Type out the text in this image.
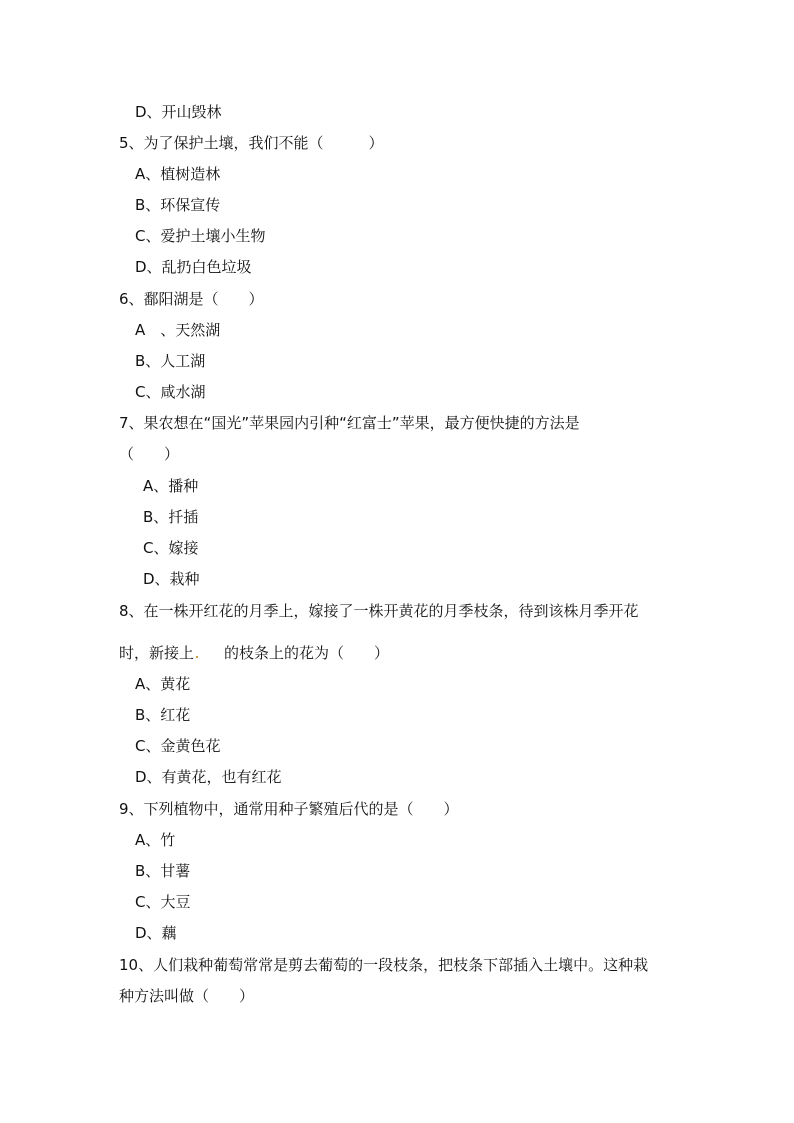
D、开山毁林
5、为了保护土壤，我们不能（　　　）
A、植树造林
B、环保宣传
C、爱护土壤小生物
D、乱扔白色垃圾
6、鄱阳湖是（　　）
A　、天然湖
B、人工湖
C、咸水湖
7、果农想在“国光”苹果园内引种“红富士”苹果，最方便快捷的方法是
（　　）
A、播种
B、扦插
C、嫁接
D、栽种
8、在一株开红花的月季上，嫁接了一株开黄花的月季枝条，待到该株月季开花
时，新接上 的枝条上的花为（　　）
A、黄花
B、红花
C、金黄色花
D、有黄花，也有红花
9、下列植物中，通常用种子繁殖后代的是（　　）
A、竹
B、甘薯
C、大豆
D、藕
10、人们栽种葡萄常常是剪去葡萄的一段枝条，把枝条下部插入土壤中。这种栽
种方法叫做（　　）
